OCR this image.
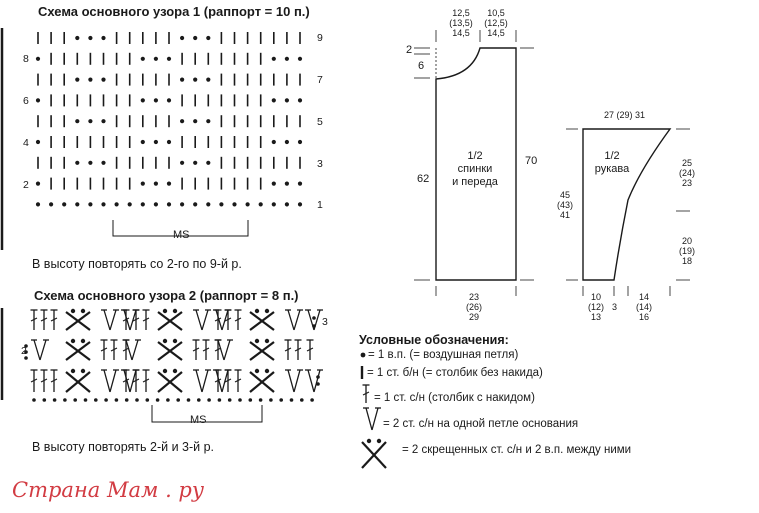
Схема основного узора 1 (раппорт = 10 п.)
8
6
4
2
9
7
5
3
1
MS
В высоту повторять со 2-го по 9-й р.
Схема основного узора 2 (раппорт = 8 п.)
3
2
MS
В высоту повторять 2-й и 3-й р.
12,5
(13,5)
14,5
10,5
(12,5)
14,5
2
6
62
70
1/2
спинки
и переда
23
(26)
29
27 (29) 31
1/2
рукава
45
(43)
41
25
(24)
23
20
(19)
18
10
(12)
13
3
14
(14)
16
Условные обозначения:
= 1 в.п. (= воздушная петля)
= 1 ст. б/н (= столбик без накида)
= 1 ст. с/н (столбик с накидом)
= 2 ст. с/н на одной петле основания
= 2 скрещенных ст. с/н и 2 в.п. между ними
Страна Мам . ру
